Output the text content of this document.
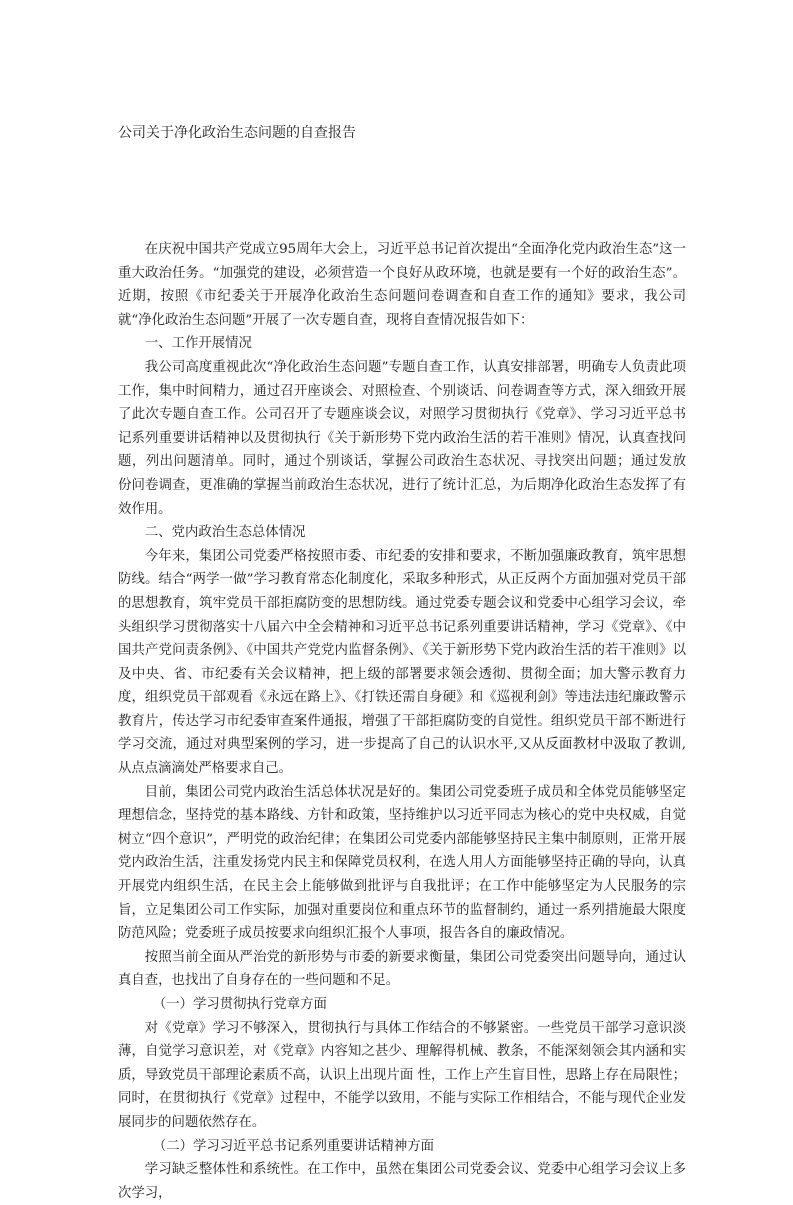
公司关于净化政治生态问题的自查报告

在庆祝中国共产党成立95周年大会上，习近平总书记首次提出“全面净化党内政治生态”这一重大政治任务。“加强党的建设，必须营造一个良好从政环境，也就是要有一个好的政治生态”。近期，按照《市纪委关于开展净化政治生态问题问卷调查和自查工作的通知》要求，我公司就“净化政治生态问题”开展了一次专题自查，现将自查情况报告如下：

一、工作开展情况

我公司高度重视此次“净化政治生态问题”专题自查工作，认真安排部署，明确专人负责此项工作，集中时间精力，通过召开座谈会、对照检查、个别谈话、问卷调查等方式，深入细致开展了此次专题自查工作。公司召开了专题座谈会议，对照学习贯彻执行《党章》、学习习近平总书记系列重要讲话精神以及贯彻执行《关于新形势下党内政治生活的若干准则》情况，认真查找问题，列出问题清单。同时，通过个别谈话，掌握公司政治生态状况、寻找突出问题；通过发放　　份问卷调查，更准确的掌握当前政治生态状况，进行了统计汇总，为后期净化政治生态发挥了有效作用。

二、党内政治生态总体情况

今年来，集团公司党委严格按照市委、市纪委的安排和要求，不断加强廉政教育，筑牢思想防线。结合“两学一做”学习教育常态化制度化，采取多种形式，从正反两个方面加强对党员干部的思想教育，筑牢党员干部拒腐防变的思想防线。通过党委专题会议和党委中心组学习会议，牵头组织学习贯彻落实十八届六中全会精神和习近平总书记系列重要讲话精神，学习《党章》、《中国共产党问责条例》、《中国共产党党内监督条例》、《关于新形势下党内政治生活的若干准则》以及中央、省、市纪委有关会议精神，把上级的部署要求领会透彻、贯彻全面；加大警示教育力度，组织党员干部观看《永远在路上》、《打铁还需自身硬》和《巡视利剑》等违法违纪廉政警示教育片，传达学习市纪委审查案件通报，增强了干部拒腐防变的自觉性。组织党员干部不断进行学习交流，通过对典型案例的学习，进一步提高了自己的认识水平,又从反面教材中汲取了教训,从点点滴滴处严格要求自己。

目前，集团公司党内政治生活总体状况是好的。集团公司党委班子成员和全体党员能够坚定理想信念，坚持党的基本路线、方针和政策，坚持维护以习近平同志为核心的党中央权威，自觉树立“四个意识”，严明党的政治纪律；在集团公司党委内部能够坚持民主集中制原则，正常开展党内政治生活，注重发扬党内民主和保障党员权利，在选人用人方面能够坚持正确的导向，认真开展党内组织生活，在民主会上能够做到批评与自我批评；在工作中能够坚定为人民服务的宗旨，立足集团公司工作实际，加强对重要岗位和重点环节的监督制约，通过一系列措施最大限度防范风险；党委班子成员按要求向组织汇报个人事项，报告各自的廉政情况。

按照当前全面从严治党的新形势与市委的新要求衡量，集团公司党委突出问题导向，通过认真自查，也找出了自身存在的一些问题和不足。

（一）学习贯彻执行党章方面

对《党章》学习不够深入，贯彻执行与具体工作结合的不够紧密。一些党员干部学习意识淡薄，自觉学习意识差，对《党章》内容知之甚少、理解得机械、教条，不能深刻领会其内涵和实质，导致党员干部理论素质不高，认识上出现片面 性，工作上产生盲目性，思路上存在局限性；同时，在贯彻执行《党章》过程中，不能学以致用，不能与实际工作相结合，不能与现代企业发展同步的问题依然存在。

（二）学习习近平总书记系列重要讲话精神方面

学习缺乏整体性和系统性。在工作中，虽然在集团公司党委会议、党委中心组学习会议上多次学习，
